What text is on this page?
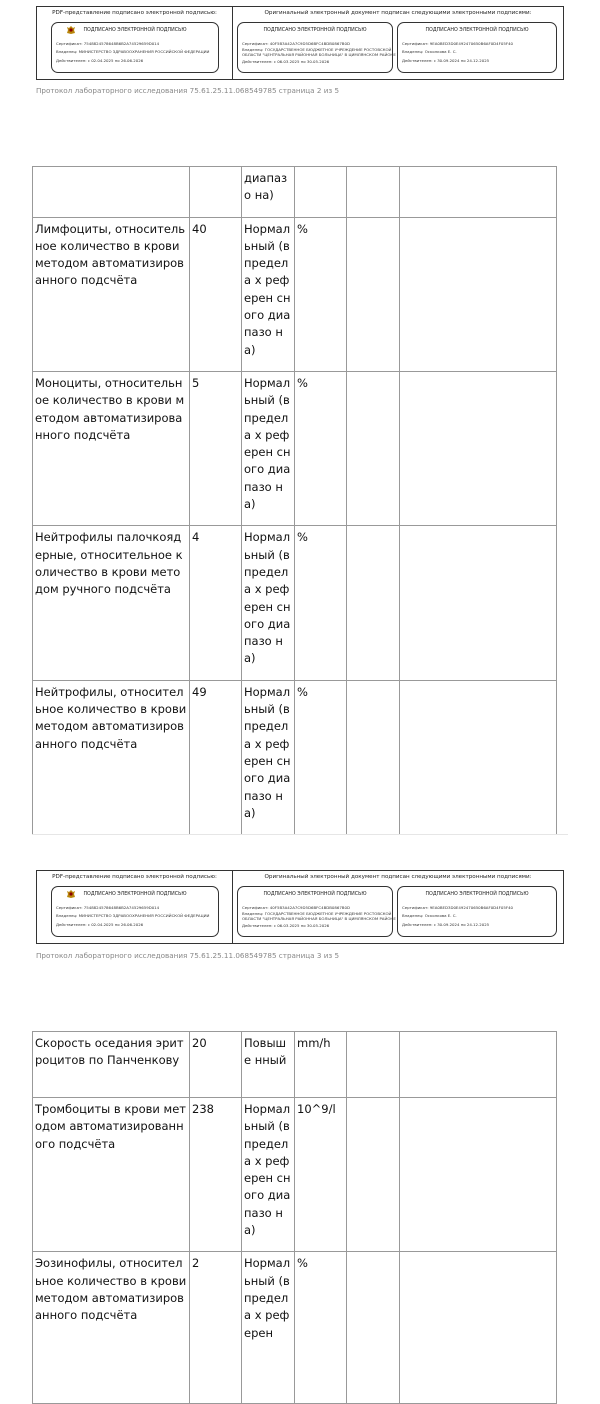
PDF-представление подписано электронной подписью:
ПОДПИСАНО ЭЛЕКТРОННОЙ ПОДПИСЬЮ
Сертификат: 7548824578648B6B2A74529659D014
Владелец: МИНИСТЕРСТВО ЗДРАВООХРАНЕНИЯ РОССИЙСКОЙ ФЕДЕРАЦИИ
Действителен: с 02.04.2025 по 26.06.2026
Оригинальный электронный документ подписан следующими электронными подписями:
ПОДПИСАНО ЭЛЕКТРОННОЙ ПОДПИСЬЮ
Сертификат: 40F5B3A42A7C9D5D6BFC4BDB0867B0D
Владелец: ГОСУДАРСТВЕННОЕ БЮДЖЕТНОЕ УЧРЕЖДЕНИЕ РОСТОВСКОЙ
ОБЛАСТИ "ЦЕНТРАЛЬНАЯ РАЙОННАЯ БОЛЬНИЦА" В ЦИМЛЯНСКОМ РАЙОНЕ
Действителен: с 06.03.2025 по 30.05.2026
ПОДПИСАНО ЭЛЕКТРОННОЙ ПОДПИСЬЮ
Сертификат: 9EA0BED3D0E492470650B6AF0D4F05F40
Владелец: Осколкова Е. С.
Действителен: с 30.09.2024 по 24.12.2025
Протокол лабораторного исследования 75.61.25.11.068549785 страница 2 из 5
		диапазо на)			
Лимфоциты, относительное количество в крови методом автоматизированного подсчёта	40	Нормал ьный (в предела х референ сного диапазо на)	%		
Моноциты, относительное количество в крови методом автоматизированного подсчёта	5	Нормал ьный (в предела х референ сного диапазо на)	%		
Нейтрофилы палочкоядерные, относительное количество в крови методом ручного подсчёта	4	Нормал ьный (в предела х референ сного диапазо на)	%		
Нейтрофилы, относительное количество в крови методом автоматизированного подсчёта	49	Нормал ьный (в предела х референ сного диапазо на)	%		
PDF-представление подписано электронной подписью:
ПОДПИСАНО ЭЛЕКТРОННОЙ ПОДПИСЬЮ
Сертификат: 7548824578648B6B2A74529659D014
Владелец: МИНИСТЕРСТВО ЗДРАВООХРАНЕНИЯ РОССИЙСКОЙ ФЕДЕРАЦИИ
Действителен: с 02.04.2025 по 26.06.2026
Оригинальный электронный документ подписан следующими электронными подписями:
ПОДПИСАНО ЭЛЕКТРОННОЙ ПОДПИСЬЮ
Сертификат: 40F5B3A42A7C9D5D6BFC4BDB0867B0D
Владелец: ГОСУДАРСТВЕННОЕ БЮДЖЕТНОЕ УЧРЕЖДЕНИЕ РОСТОВСКОЙ
ОБЛАСТИ "ЦЕНТРАЛЬНАЯ РАЙОННАЯ БОЛЬНИЦА" В ЦИМЛЯНСКОМ РАЙОНЕ
Действителен: с 06.03.2025 по 30.05.2026
ПОДПИСАНО ЭЛЕКТРОННОЙ ПОДПИСЬЮ
Сертификат: 9EA0BED3D0E492470650B6AF0D4F05F40
Владелец: Осколкова Е. С.
Действителен: с 30.09.2024 по 24.12.2025
Протокол лабораторного исследования 75.61.25.11.068549785 страница 3 из 5
Скорость оседания эритроцитов по Панченкову	20	Повыше нный	mm/h		
Тромбоциты в крови методом автоматизированного подсчёта	238	Нормал ьный (в предела х референ сного диапазо на)	10^9/l		
Эозинофилы, относительное количество в крови методом автоматизированного подсчёта	2	Нормал ьный (в предела х референ	%		
